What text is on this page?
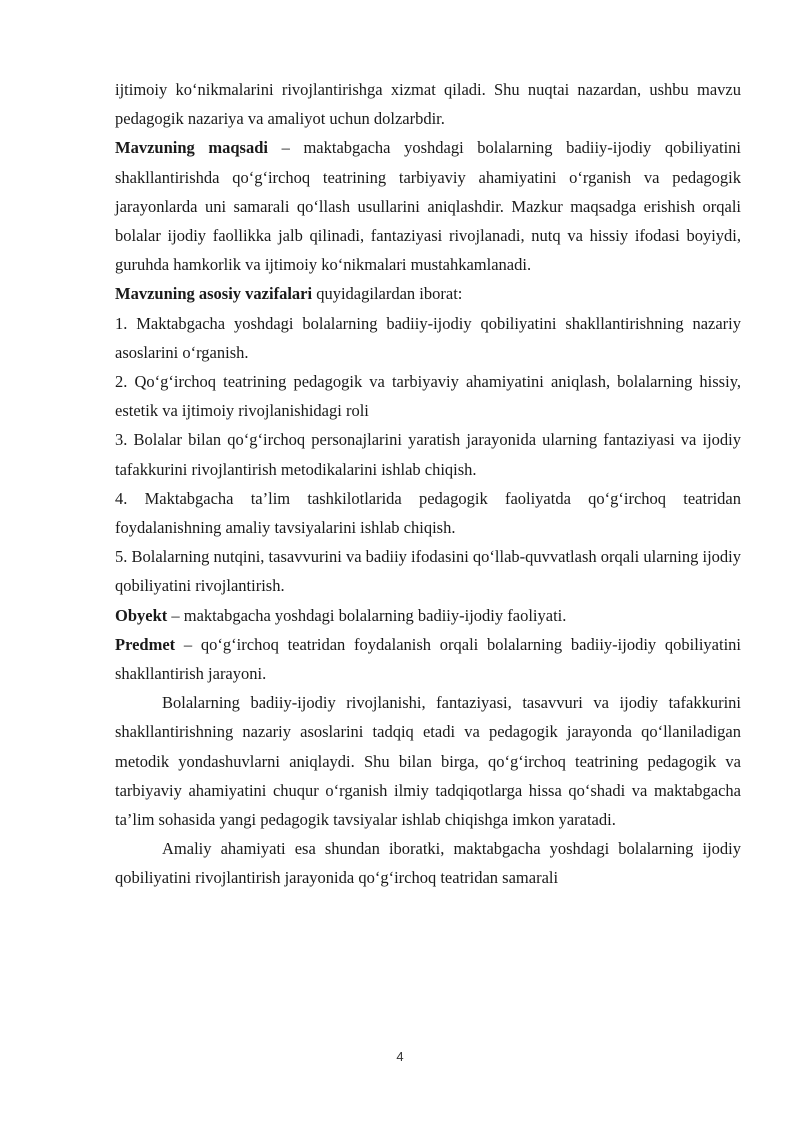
ijtimoiy ko‘nikmalarini rivojlantirishga xizmat qiladi. Shu nuqtai nazardan, ushbu mavzu pedagogik nazariya va amaliyot uchun dolzarbdir.

Mavzuning maqsadi – maktabgacha yoshdagi bolalarning badiiy-ijodiy qobiliyatini shakllantirishda qo‘g‘irchoq teatrining tarbiyaviy ahamiyatini o‘rganish va pedagogik jarayonlarda uni samarali qo‘llash usullarini aniqlashdir. Mazkur maqsadga erishish orqali bolalar ijodiy faollikka jalb qilinadi, fantaziyasi rivojlanadi, nutq va hissiy ifodasi boyiydi, guruhda hamkorlik va ijtimoiy ko‘nikmalari mustahkamlanadi.

Mavzuning asosiy vazifalari quyidagilardan iborat:

1. Maktabgacha yoshdagi bolalarning badiiy-ijodiy qobiliyatini shakllantirishning nazariy asoslarini o‘rganish.

2. Qo‘g‘irchoq teatrining pedagogik va tarbiyaviy ahamiyatini aniqlash, bolalarning hissiy, estetik va ijtimoiy rivojlanishidagi roli

3. Bolalar bilan qo‘g‘irchoq personajlarini yaratish jarayonida ularning fantaziyasi va ijodiy tafakkurini rivojlantirish metodikalarini ishlab chiqish.

4. Maktabgacha ta’lim tashkilotlarida pedagogik faoliyatda qo‘g‘irchoq teatridan foydalanishning amaliy tavsiyalarini ishlab chiqish.

5. Bolalarning nutqini, tasavvurini va badiiy ifodasini qo‘llab-quvvatlash orqali ularning ijodiy qobiliyatini rivojlantirish.

Obyekt – maktabgacha yoshdagi bolalarning badiiy-ijodiy faoliyati.

Predmet – qo‘g‘irchoq teatridan foydalanish orqali bolalarning badiiy-ijodiy qobiliyatini shakllantirish jarayoni.

Bolalarning badiiy-ijodiy rivojlanishi, fantaziyasi, tasavvuri va ijodiy tafakkurini shakllantirishning nazariy asoslarini tadqiq etadi va pedagogik jarayonda qo‘llaniladigan metodik yondashuvlarni aniqlaydi. Shu bilan birga, qo‘g‘irchoq teatrining pedagogik va tarbiyaviy ahamiyatini chuqur o‘rganish ilmiy tadqiqotlarga hissa qo‘shadi va maktabgacha ta’lim sohasida yangi pedagogik tavsiyalar ishlab chiqishga imkon yaratadi.

Amaliy ahamiyati esa shundan iboratki, maktabgacha yoshdagi bolalarning ijodiy qobiliyatini rivojlantirish jarayonida qo‘g‘irchoq teatridan samarali

4
